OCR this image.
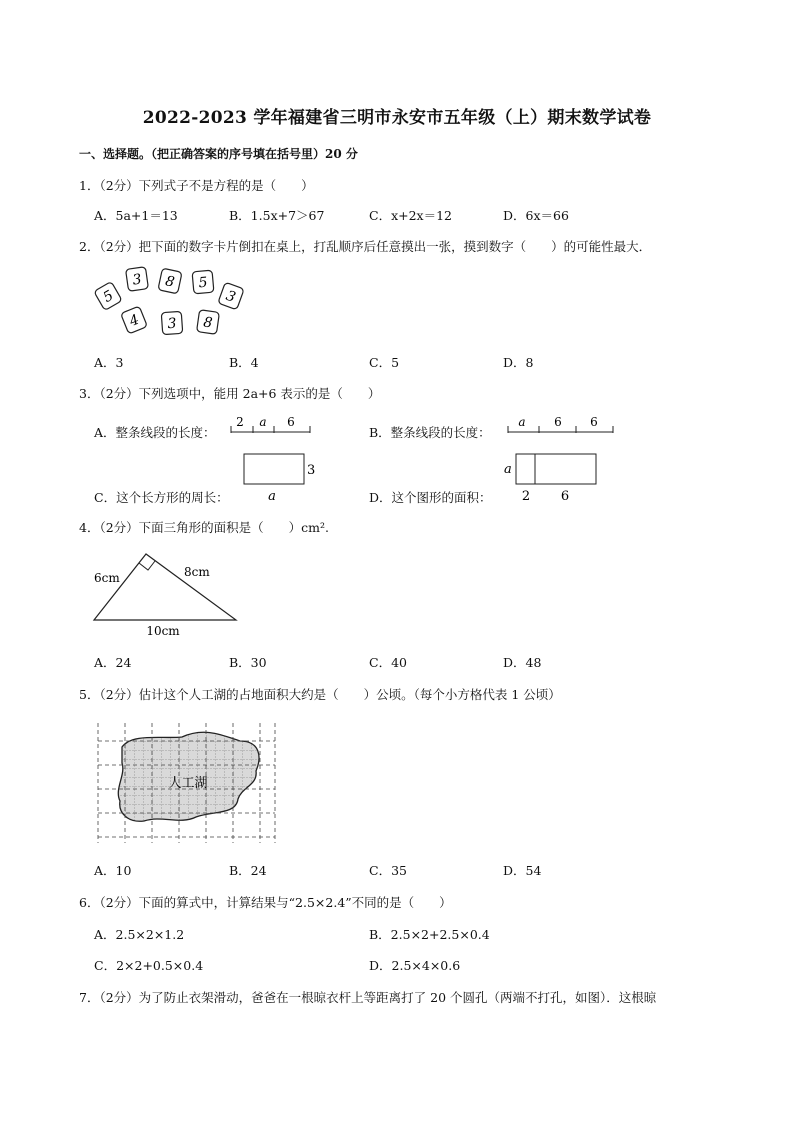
2022-2023 学年福建省三明市永安市五年级（上）期末数学试卷
一、选择题。（把正确答案的序号填在括号里）20 分
1．（2分）下列式子不是方程的是（　　）
A．5a+1＝13	B．1.5x+7＞67	C．x+2x＝12	D．6x＝66
2．（2分）把下面的数字卡片倒扣在桌上，打乱顺序后任意摸出一张，摸到数字（　　）的可能性最大．
5
3 8 5
3
4 3 8
A．3	B．4	C．5	D．8
3．（2分）下列选项中，能用 2a+6 表示的是（　　）
A．整条线段的长度：
2 a 6
B．整条线段的长度：
a 6 6
C．这个长方形的周长：
3
a	D．这个图形的面积：
a
2 6
4．（2分）下面三角形的面积是（　　）cm².
6cm	8cm
10cm
A．24	B．30	C．40	D．48
5．（2分）估计这个人工湖的占地面积大约是（　　）公顷。（每个小方格代表 1 公顷）
人工湖
A．10	B．24	C．35	D．54
6．（2分）下面的算式中，计算结果与“2.5×2.4”不同的是（　　）
A．2.5×2×1.2	B．2.5×2+2.5×0.4
C．2×2+0.5×0.4	D．2.5×4×0.6
7．（2分）为了防止衣架滑动，爸爸在一根晾衣杆上等距离打了 20 个圆孔（两端不打孔，如图）．这根晾
